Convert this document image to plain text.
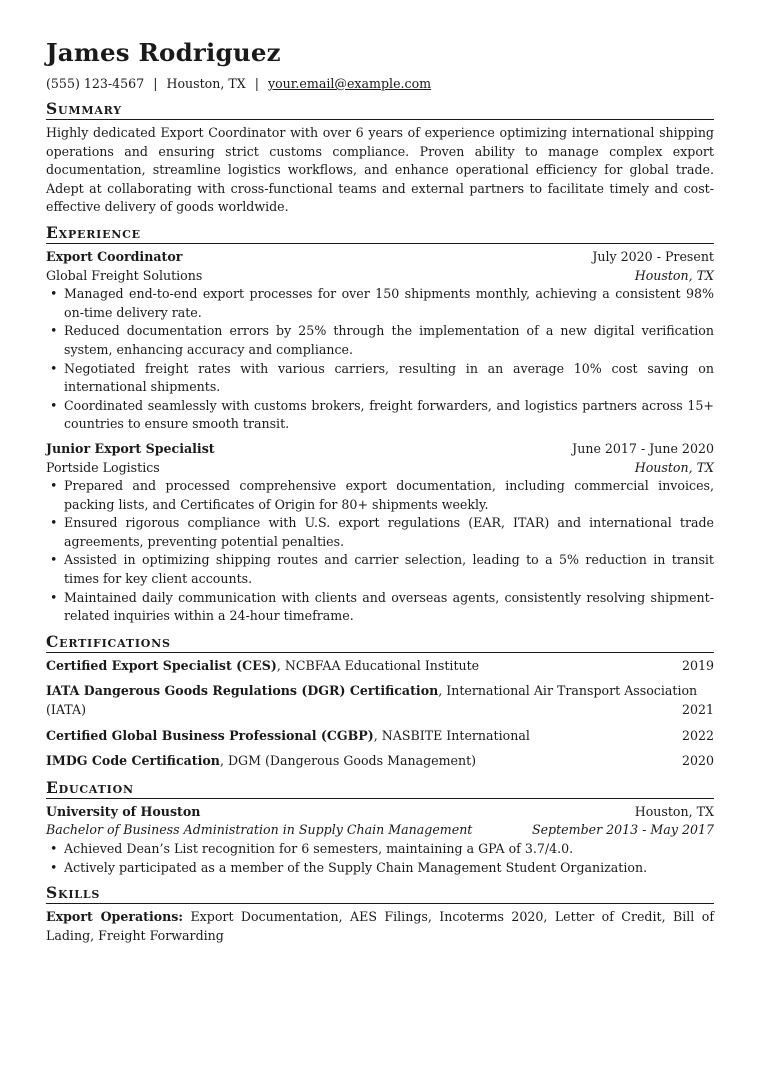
James Rodriguez
(555) 123-4567 | Houston, TX | your.email@example.com
Summary
Highly dedicated Export Coordinator with over 6 years of experience optimizing international shipping operations and ensuring strict customs compliance. Proven ability to manage complex export documentation, streamline logistics workflows, and enhance operational efficiency for global trade. Adept at collaborating with cross-functional teams and external partners to facilitate timely and cost-effective delivery of goods worldwide.
Experience
Export Coordinator	July 2020 - Present
Global Freight Solutions	Houston, TX
• Managed end-to-end export processes for over 150 shipments monthly, achieving a consistent 98% on-time delivery rate.
• Reduced documentation errors by 25% through the implementation of a new digital verification system, enhancing accuracy and compliance.
• Negotiated freight rates with various carriers, resulting in an average 10% cost saving on international shipments.
• Coordinated seamlessly with customs brokers, freight forwarders, and logistics partners across 15+ countries to ensure smooth transit.
Junior Export Specialist	June 2017 - June 2020
Portside Logistics	Houston, TX
• Prepared and processed comprehensive export documentation, including commercial invoices, packing lists, and Certificates of Origin for 80+ shipments weekly.
• Ensured rigorous compliance with U.S. export regulations (EAR, ITAR) and international trade agreements, preventing potential penalties.
• Assisted in optimizing shipping routes and carrier selection, leading to a 5% reduction in transit times for key client accounts.
• Maintained daily communication with clients and overseas agents, consistently resolving shipment-related inquiries within a 24-hour timeframe.
Certifications
Certified Export Specialist (CES), NCBFAA Educational Institute	2019
IATA Dangerous Goods Regulations (DGR) Certification, International Air Transport Association
(IATA)	2021
Certified Global Business Professional (CGBP), NASBITE International	2022
IMDG Code Certification, DGM (Dangerous Goods Management)	2020
Education
University of Houston	Houston, TX
Bachelor of Business Administration in Supply Chain Management	September 2013 - May 2017
• Achieved Dean’s List recognition for 6 semesters, maintaining a GPA of 3.7/4.0.
• Actively participated as a member of the Supply Chain Management Student Organization.
Skills
Export Operations: Export Documentation, AES Filings, Incoterms 2020, Letter of Credit, Bill of Lading, Freight Forwarding
